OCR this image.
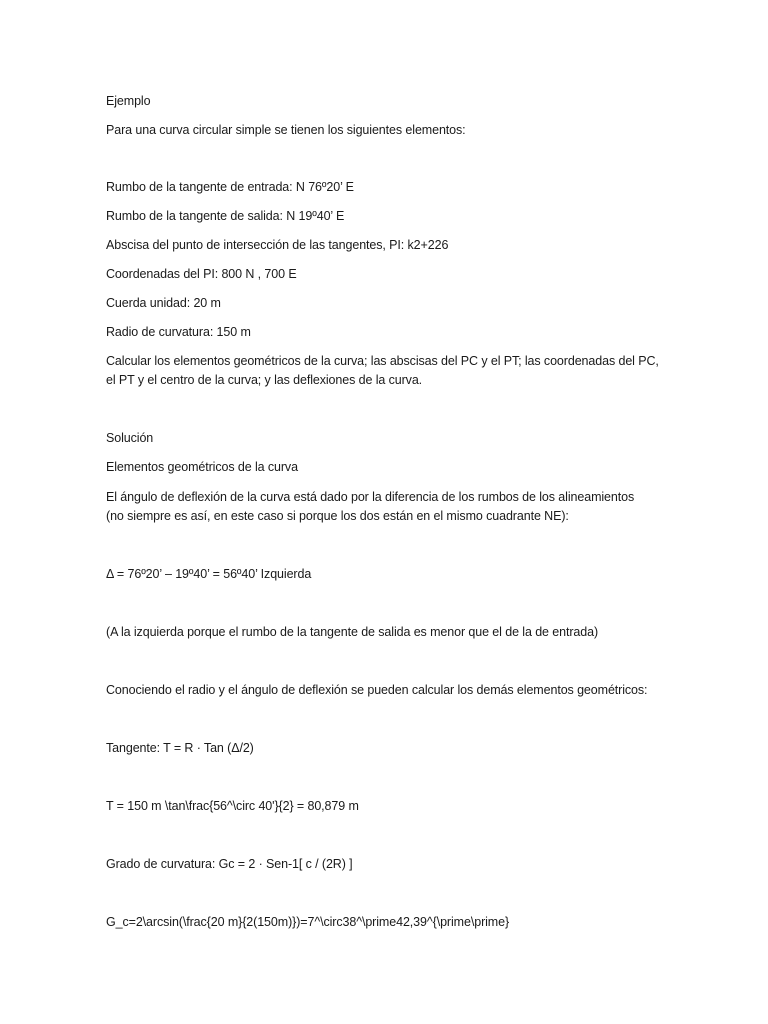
Ejemplo
Para una curva circular simple se tienen los siguientes elementos:
Rumbo de la tangente de entrada: N 76º20’ E
Rumbo de la tangente de salida: N 19º40’ E
Abscisa del punto de intersección de las tangentes, PI: k2+226
Coordenadas del PI: 800 N , 700 E
Cuerda unidad: 20 m
Radio de curvatura: 150 m
Calcular los elementos geométricos de la curva; las abscisas del PC y el PT; las coordenadas del PC,
el PT y el centro de la curva; y las deflexiones de la curva.
Solución
Elementos geométricos de la curva
El ángulo de deflexión de la curva está dado por la diferencia de los rumbos de los alineamientos
(no siempre es así, en este caso si porque los dos están en el mismo cuadrante NE):
Δ = 76º20’ – 19º40’ = 56º40’ Izquierda
(A la izquierda porque el rumbo de la tangente de salida es menor que el de la de entrada)
Conociendo el radio y el ángulo de deflexión se pueden calcular los demás elementos geométricos:
Tangente: T = R · Tan (Δ/2)
T = 150 m \tan\frac{56^\circ 40'}{2} = 80,879 m
Grado de curvatura: Gc = 2 · Sen-1[ c / (2R) ]
G_c=2\arcsin(\frac{20 m}{2(150m)})=7^\circ38^\prime42,39^{\prime\prime}
